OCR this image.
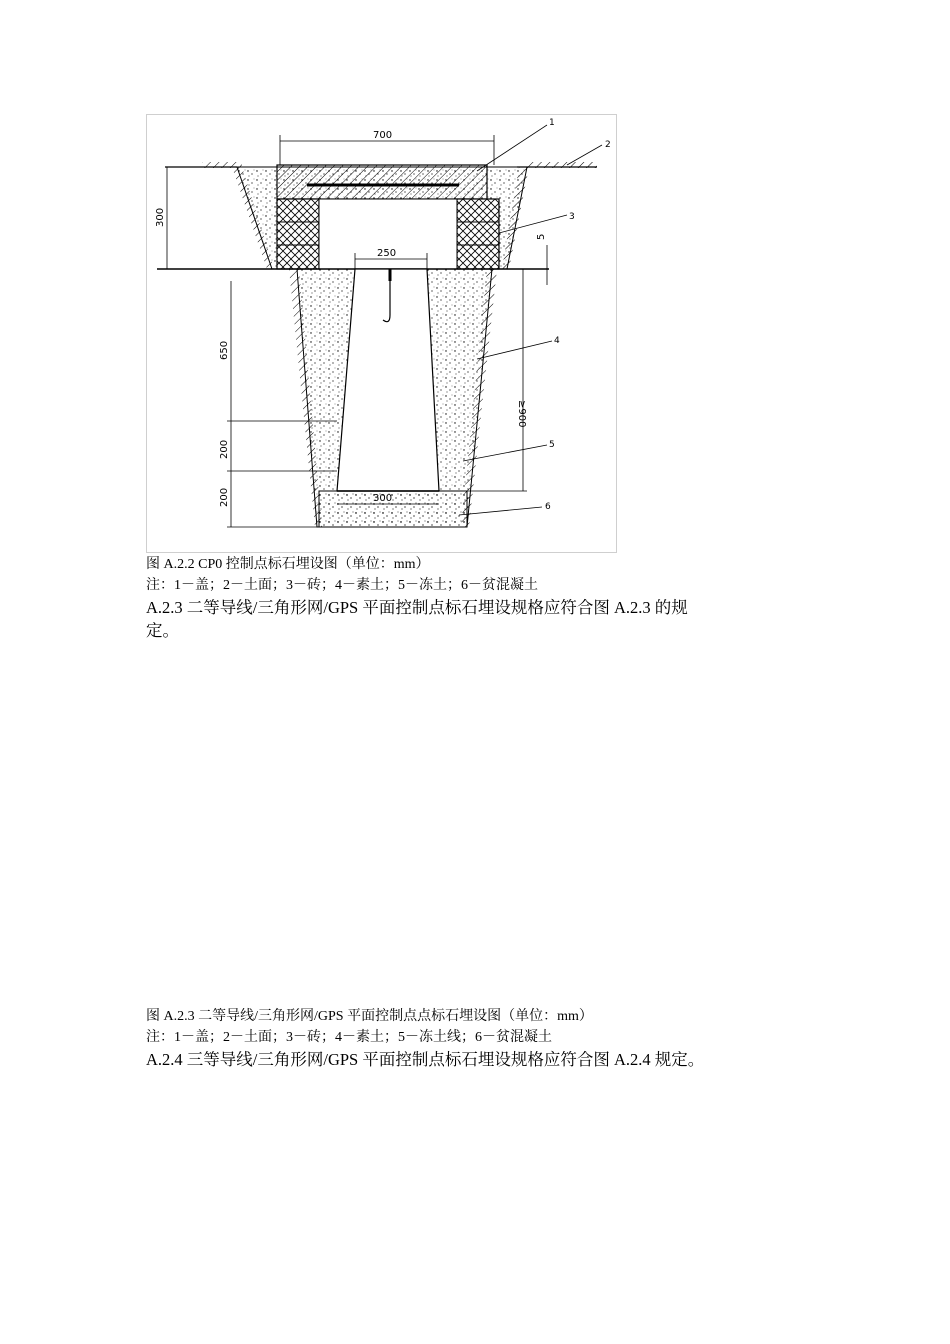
700
300
250
5
650
200
200
≥900
300
1
2
3
4
5
6
图 A.2.2 CP0 控制点标石埋设图（单位：mm）
注：1－盖；2－土面；3－砖；4－素土；5－冻土；6－贫混凝土
A.2.3 二等导线/三角形网/GPS 平面控制点标石埋设规格应符合图 A.2.3 的规
定。
图 A.2.3 二等导线/三角形网/GPS 平面控制点点标石埋设图（单位：mm）
注：1－盖；2－土面；3－砖；4－素土；5－冻土线；6－贫混凝土
A.2.4 三等导线/三角形网/GPS 平面控制点标石埋设规格应符合图 A.2.4 规定。
